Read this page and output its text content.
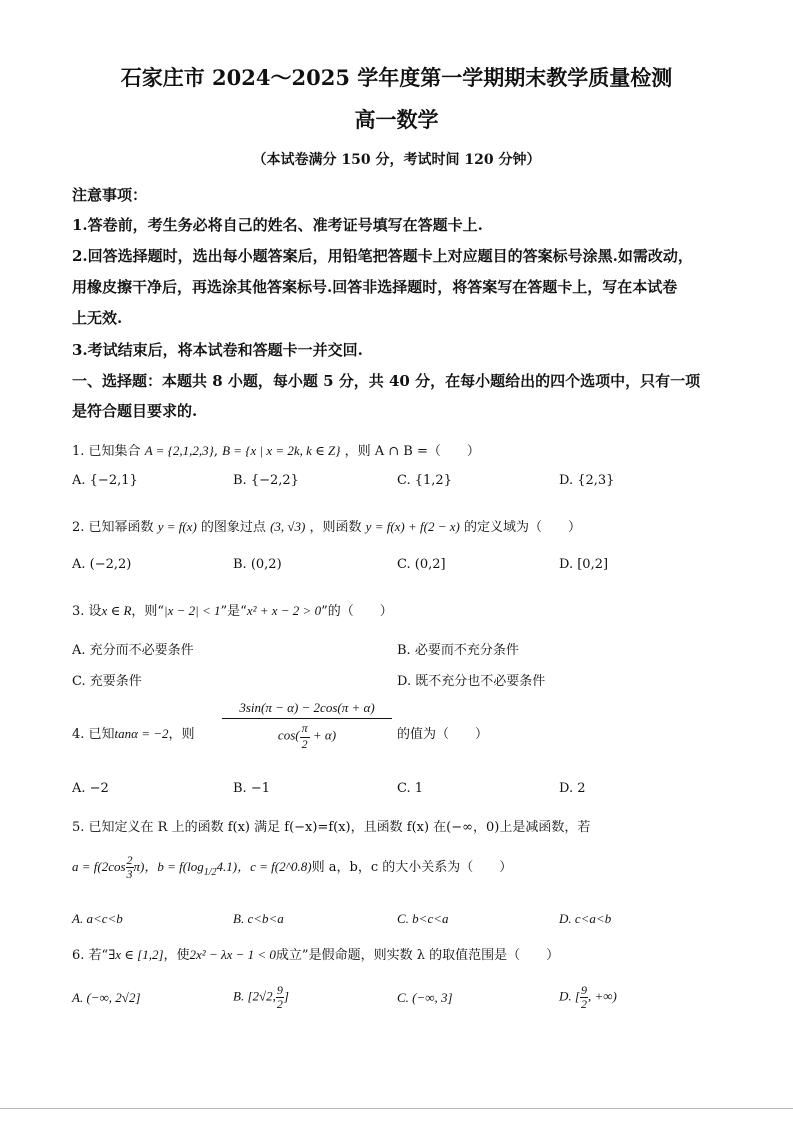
石家庄市 2024～2025 学年度第一学期期末教学质量检测
高一数学
（本试卷满分 150 分，考试时间 120 分钟）
注意事项：
1.答卷前，考生务必将自己的姓名、准考证号填写在答题卡上.
2.回答选择题时，选出每小题答案后，用铅笔把答题卡上对应题目的答案标号涂黑.如需改动，
用橡皮擦干净后，再选涂其他答案标号.回答非选择题时，将答案写在答题卡上，写在本试卷
上无效.
3.考试结束后，将本试卷和答题卡一并交回.
一、选择题：本题共 8 小题，每小题 5 分，共 40 分，在每小题给出的四个选项中，只有一项
是符合题目要求的.
1. 已知集合 A = {2,1,2,3}, B = {x | x = 2k, k ∈ Z} ，则 A ∩ B =（　　）
A. {−2,1}	B. {−2,2}	C. {1,2}	D. {2,3}
2. 已知幂函数 y = f(x) 的图象过点 (3, √3) ，则函数 y = f(x) + f(2 − x) 的定义域为（　　）
A. (−2,2)	B. (0,2)	C. (0,2]	D. [0,2]
3. 设x ∈ R，则“|x − 2| < 1”是“x² + x − 2 > 0”的（　　）
A. 充分而不必要条件	B. 必要而不充分条件
C. 充要条件	D. 既不充分也不必要条件
4. 已知tanα = −2，则 $\frac{3\sin(\pi - \alpha) - 2\cos(\pi + \alpha)}{\cos( \frac{\pi}{2} + \alpha)}$ 的值为（　　）
A. −2	B. −1	C. 1	D. 2
5. 已知定义在 R 上的函数 f(x) 满足 f(−x)=f(x)，且函数 f(x) 在(−∞，0)上是减函数，若
$a = f(2\cos \frac{2}{3} \pi)$，$b = f(\log_{1/2}4.1)$，c = f(2^0.8)则 a，b，c 的大小关系为（　　）
A. a<c<b	B. c<b<a	C. b<c<a	D. c<a<b
6. 若“∃x ∈ [1,2]，使2x² − λx − 1 < 0成立”是假命题，则实数 λ 的取值范围是（　　）
A. (−∞, 2√2]	B. [2√2, $\frac{9}{2}$ ]	C. (−∞, 3]	D. [ $\frac{9}{2}$ , +∞)
